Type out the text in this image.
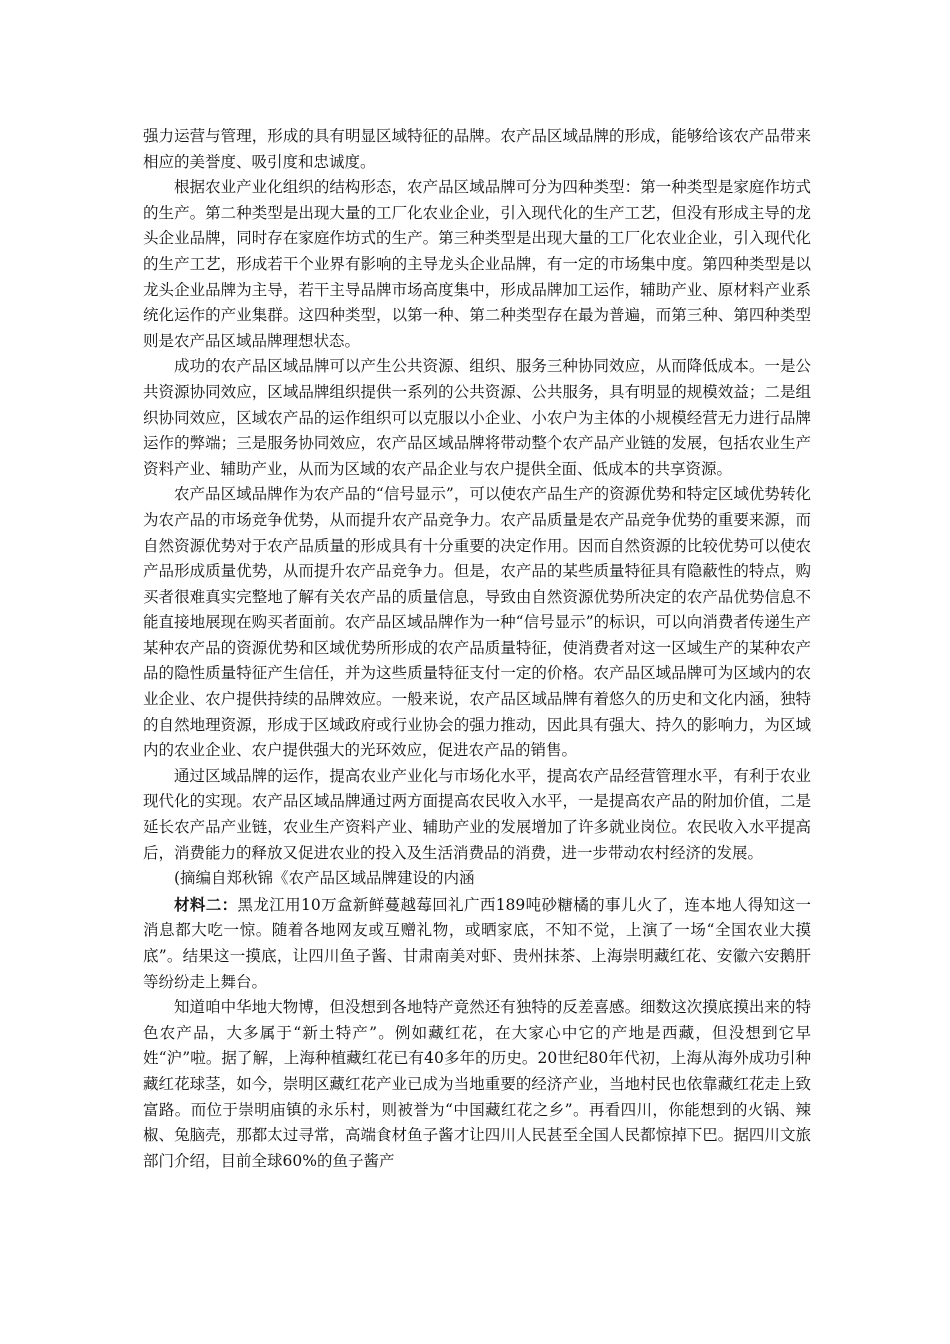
强力运营与管理，形成的具有明显区域特征的品牌。农产品区域品牌的形成，能够给该农产品带来相应的美誉度、吸引度和忠诚度。

根据农业产业化组织的结构形态，农产品区域品牌可分为四种类型：第一种类型是家庭作坊式的生产。第二种类型是出现大量的工厂化农业企业，引入现代化的生产工艺，但没有形成主导的龙头企业品牌，同时存在家庭作坊式的生产。第三种类型是出现大量的工厂化农业企业，引入现代化的生产工艺，形成若干个业界有影响的主导龙头企业品牌，有一定的市场集中度。第四种类型是以龙头企业品牌为主导，若干主导品牌市场高度集中，形成品牌加工运作，辅助产业、原材料产业系统化运作的产业集群。这四种类型，以第一种、第二种类型存在最为普遍，而第三种、第四种类型则是农产品区域品牌理想状态。

成功的农产品区域品牌可以产生公共资源、组织、服务三种协同效应，从而降低成本。一是公共资源协同效应，区域品牌组织提供一系列的公共资源、公共服务，具有明显的规模效益；二是组织协同效应，区域农产品的运作组织可以克服以小企业、小农户为主体的小规模经营无力进行品牌运作的弊端；三是服务协同效应，农产品区域品牌将带动整个农产品产业链的发展，包括农业生产资料产业、辅助产业，从而为区域的农产品企业与农户提供全面、低成本的共享资源。

农产品区域品牌作为农产品的“信号显示”，可以使农产品生产的资源优势和特定区域优势转化为农产品的市场竞争优势，从而提升农产品竞争力。农产品质量是农产品竞争优势的重要来源，而自然资源优势对于农产品质量的形成具有十分重要的决定作用。因而自然资源的比较优势可以使农产品形成质量优势，从而提升农产品竞争力。但是，农产品的某些质量特征具有隐蔽性的特点，购买者很难真实完整地了解有关农产品的质量信息，导致由自然资源优势所决定的农产品优势信息不能直接地展现在购买者面前。农产品区域品牌作为一种“信号显示”的标识，可以向消费者传递生产某种农产品的资源优势和区域优势所形成的农产品质量特征，使消费者对这一区域生产的某种农产品的隐性质量特征产生信任，并为这些质量特征支付一定的价格。农产品区域品牌可为区域内的农业企业、农户提供持续的品牌效应。一般来说，农产品区域品牌有着悠久的历史和文化内涵，独特的自然地理资源，形成于区域政府或行业协会的强力推动，因此具有强大、持久的影响力，为区域内的农业企业、农户提供强大的光环效应，促进农产品的销售。

通过区域品牌的运作，提高农业产业化与市场化水平，提高农产品经营管理水平，有利于农业现代化的实现。农产品区域品牌通过两方面提高农民收入水平，一是提高农产品的附加价值，二是延长农产品产业链，农业生产资料产业、辅助产业的发展增加了许多就业岗位。农民收入水平提高后，消费能力的释放又促进农业的投入及生活消费品的消费，进一步带动农村经济的发展。

(摘编自郑秋锦《农产品区域品牌建设的内涵

材料二：黑龙江用10万盒新鲜蔓越莓回礼广西189吨砂糖橘的事儿火了，连本地人得知这一消息都大吃一惊。随着各地网友或互赠礼物，或晒家底，不知不觉，上演了一场“全国农业大摸底”。结果这一摸底，让四川鱼子酱、甘肃南美对虾、贵州抹茶、上海崇明藏红花、安徽六安鹅肝等纷纷走上舞台。

知道咱中华地大物博，但没想到各地特产竟然还有独特的反差喜感。细数这次摸底摸出来的特色农产品，大多属于“新土特产”。例如藏红花，在大家心中它的产地是西藏，但没想到它早姓“沪”啦。据了解，上海种植藏红花已有40多年的历史。20世纪80年代初，上海从海外成功引种藏红花球茎，如今，崇明区藏红花产业已成为当地重要的经济产业，当地村民也依靠藏红花走上致富路。而位于崇明庙镇的永乐村，则被誉为“中国藏红花之乡”。再看四川，你能想到的火锅、辣椒、兔脑壳，那都太过寻常，高端食材鱼子酱才让四川人民甚至全国人民都惊掉下巴。据四川文旅部门介绍，目前全球60%的鱼子酱产
